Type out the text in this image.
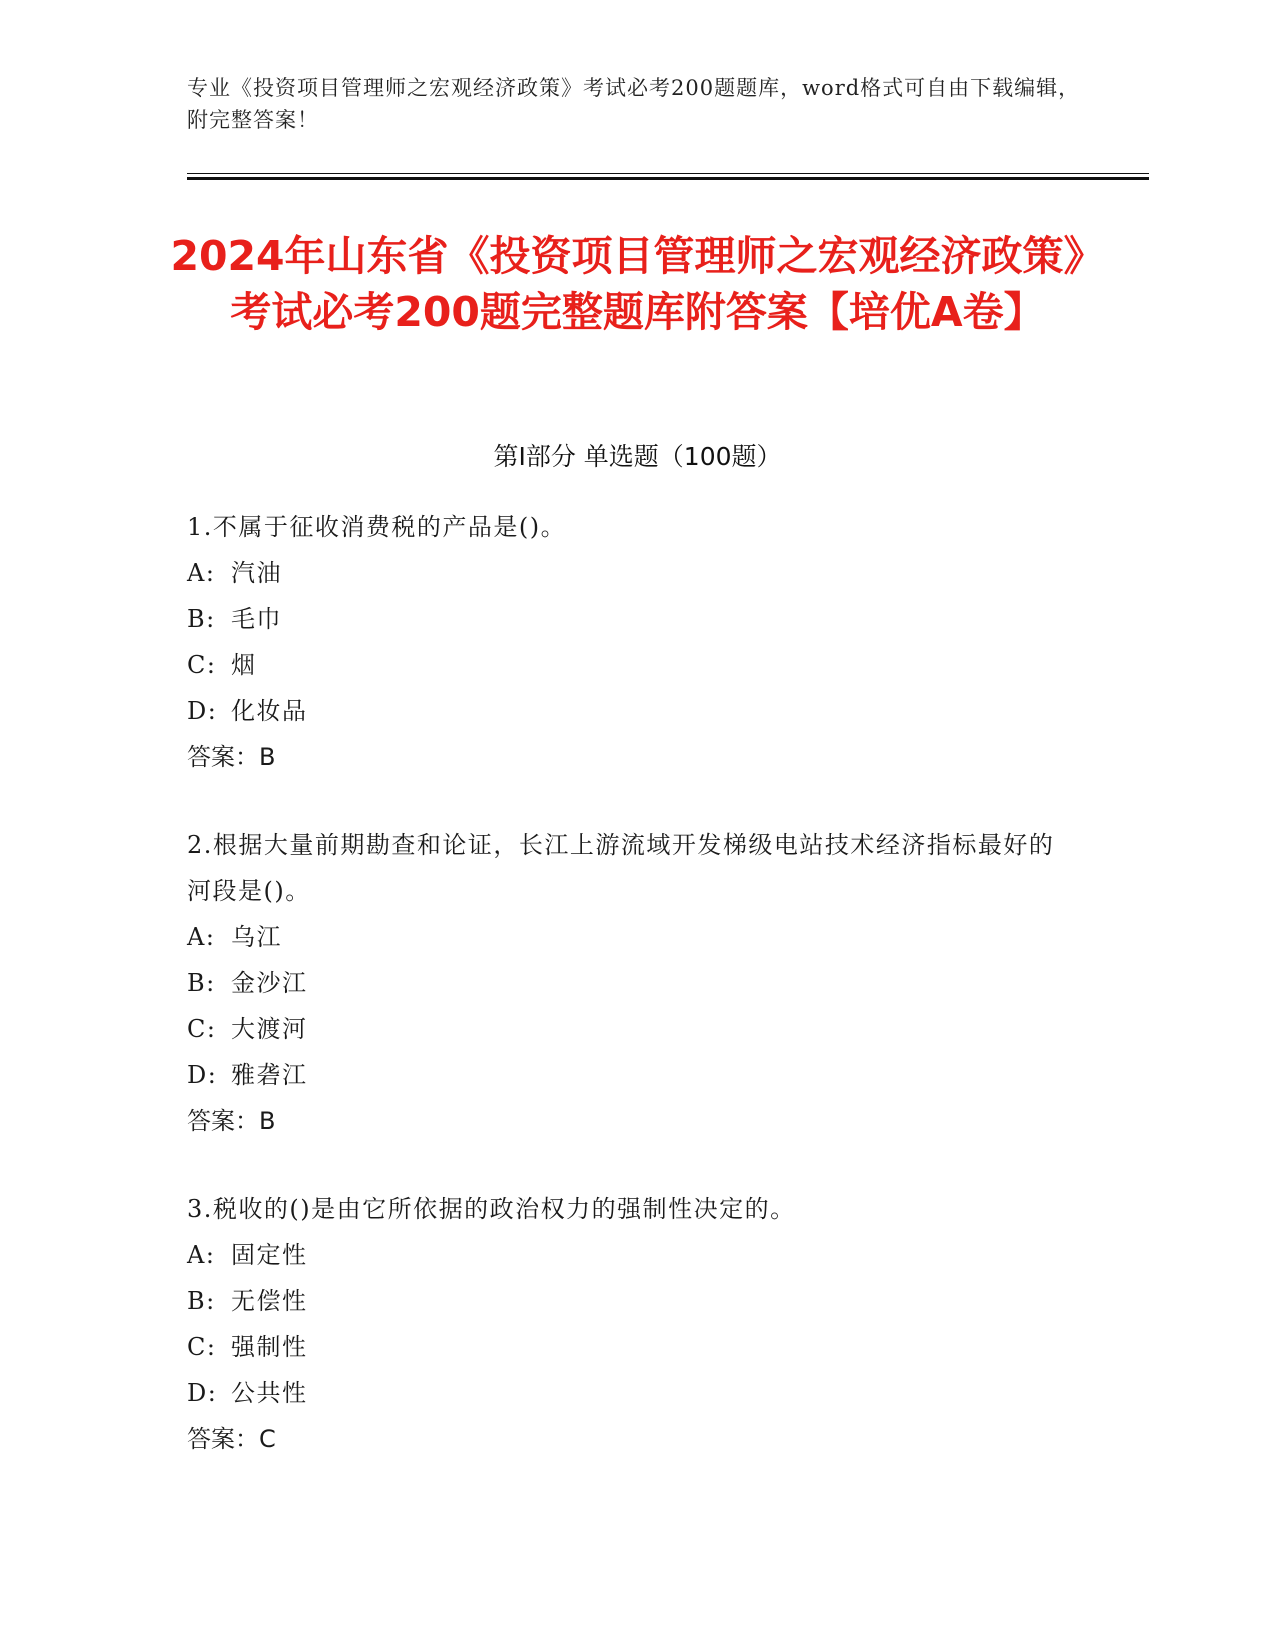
专业《投资项目管理师之宏观经济政策》考试必考200题题库，word格式可自由下载编辑，附完整答案！
2024年山东省《投资项目管理师之宏观经济政策》考试必考200题完整题库附答案【培优A卷】
第I部分 单选题（100题）
1.不属于征收消费税的产品是()。
A: 汽油
B: 毛巾
C: 烟
D: 化妆品
答案：B
2.根据大量前期勘查和论证，长江上游流域开发梯级电站技术经济指标最好的河段是()。
A: 乌江
B: 金沙江
C: 大渡河
D: 雅砻江
答案：B
3.税收的()是由它所依据的政治权力的强制性决定的。
A: 固定性
B: 无偿性
C: 强制性
D: 公共性
答案：C
